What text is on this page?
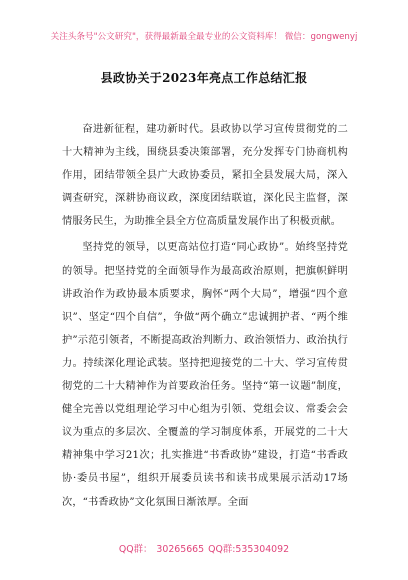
关注头条号"公文研究"，获得最新最全最专业的公文资料库！ 微信：gongwenyj
县政协关于2023年亮点工作总结汇报

奋进新征程，建功新时代。县政协以学习宣传贯彻党的二十大精神为主线，围绕县委决策部署，充分发挥专门协商机构作用，团结带领全县广大政协委员，紧扣全县发展大局，深入调查研究，深耕协商议政，深度团结联谊，深化民主监督，深情服务民生，为助推全县全方位高质量发展作出了积极贡献。

坚持党的领导，以更高站位打造“同心政协”。始终坚持党的领导。把坚持党的全面领导作为最高政治原则，把旗帜鲜明讲政治作为政协最本质要求，胸怀“两个大局”，增强“四个意识”、坚定“四个自信”，争做“两个确立”忠诚拥护者、“两个维护”示范引领者，不断提高政治判断力、政治领悟力、政治执行力。持续深化理论武装。坚持把迎接党的二十大、学习宣传贯彻党的二十大精神作为首要政治任务。坚持“第一议题”制度，健全完善以党组理论学习中心组为引领、党组会议、常委会会议为重点的多层次、全覆盖的学习制度体系，开展党的二十大精神集中学习21次；扎实推进“书香政协”建设，打造“书香政协·委员书屋”，组织开展委员读书和读书成果展示活动17场次，“书香政协”文化氛围日渐浓厚。全面

QQ群： 30265665 QQ群:535304092
